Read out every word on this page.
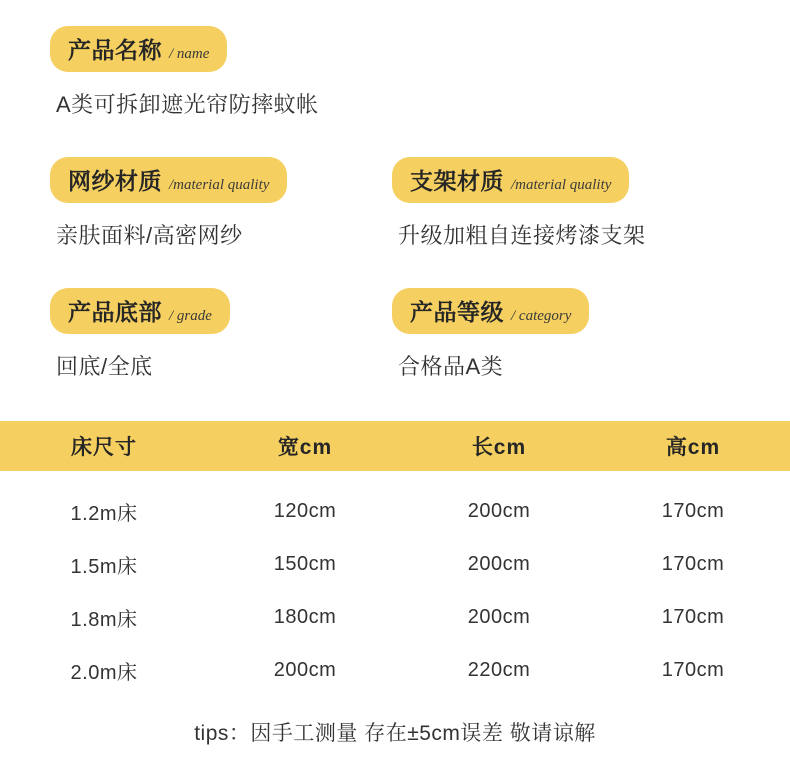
产品名称 / name
A类可拆卸遮光帘防摔蚊帐
网纱材质 /material quality
亲肤面料/高密网纱
支架材质 /material quality
升级加粗自连接烤漆支架
产品底部 / grade
回底/全底
产品等级 / category
合格品A类
床尺寸	宽cm	长cm	高cm
1.2m床	120cm	200cm	170cm
1.5m床	150cm	200cm	170cm
1.8m床	180cm	200cm	170cm
2.0m床	200cm	220cm	170cm
tips：因手工测量 存在±5cm误差 敬请谅解
